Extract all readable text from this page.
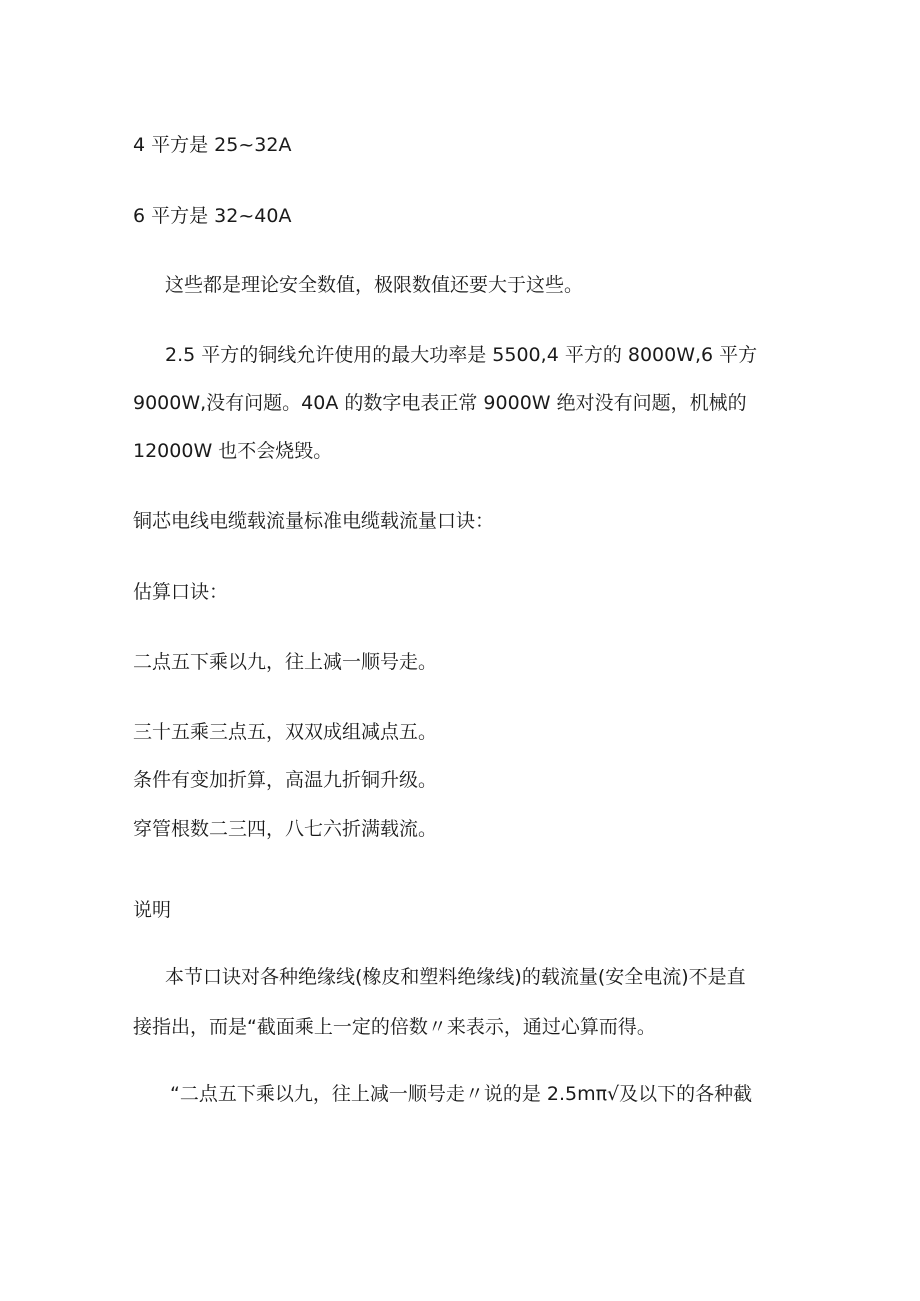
4 平方是 25~32A
6 平方是 32~40A
这些都是理论安全数值，极限数值还要大于这些。
2.5 平方的铜线允许使用的最大功率是 5500,4 平方的 8000W,6 平方
9000W,没有问题。40A 的数字电表正常 9000W 绝对没有问题，机械的
12000W 也不会烧毁。
铜芯电线电缆载流量标准电缆载流量口诀：
估算口诀：
二点五下乘以九，往上减一顺号走。
三十五乘三点五，双双成组减点五。
条件有变加折算，高温九折铜升级。
穿管根数二三四，八七六折满载流。
说明
本节口诀对各种绝缘线(橡皮和塑料绝缘线)的载流量(安全电流)不是直
接指出，而是“截面乘上一定的倍数〃来表示，通过心算而得。
“二点五下乘以九，往上减一顺号走〃说的是 2.5mπ√及以下的各种截
